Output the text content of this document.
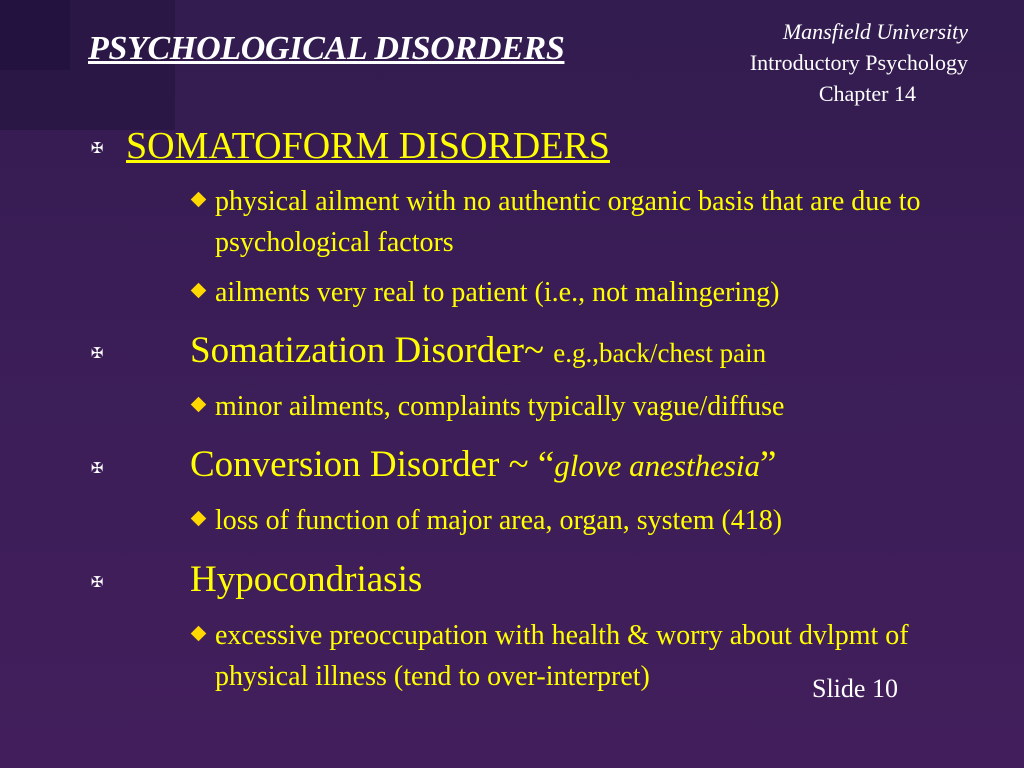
PSYCHOLOGICAL DISORDERS	Mansfield University
Introductory Psychology
Chapter 14
✠ SOMATOFORM DISORDERS
physical ailment with no authentic organic basis that are due to psychological factors
ailments very real to patient (i.e., not malingering)
✠ Somatization Disorder~ e.g.,back/chest pain
minor ailments, complaints typically vague/diffuse
✠ Conversion Disorder ~ “glove anesthesia”
loss of function of major area, organ, system (418)
✠ Hypocondriasis
excessive preoccupation with health & worry about dvlpmt of physical illness (tend to over-interpret)	Slide 10
